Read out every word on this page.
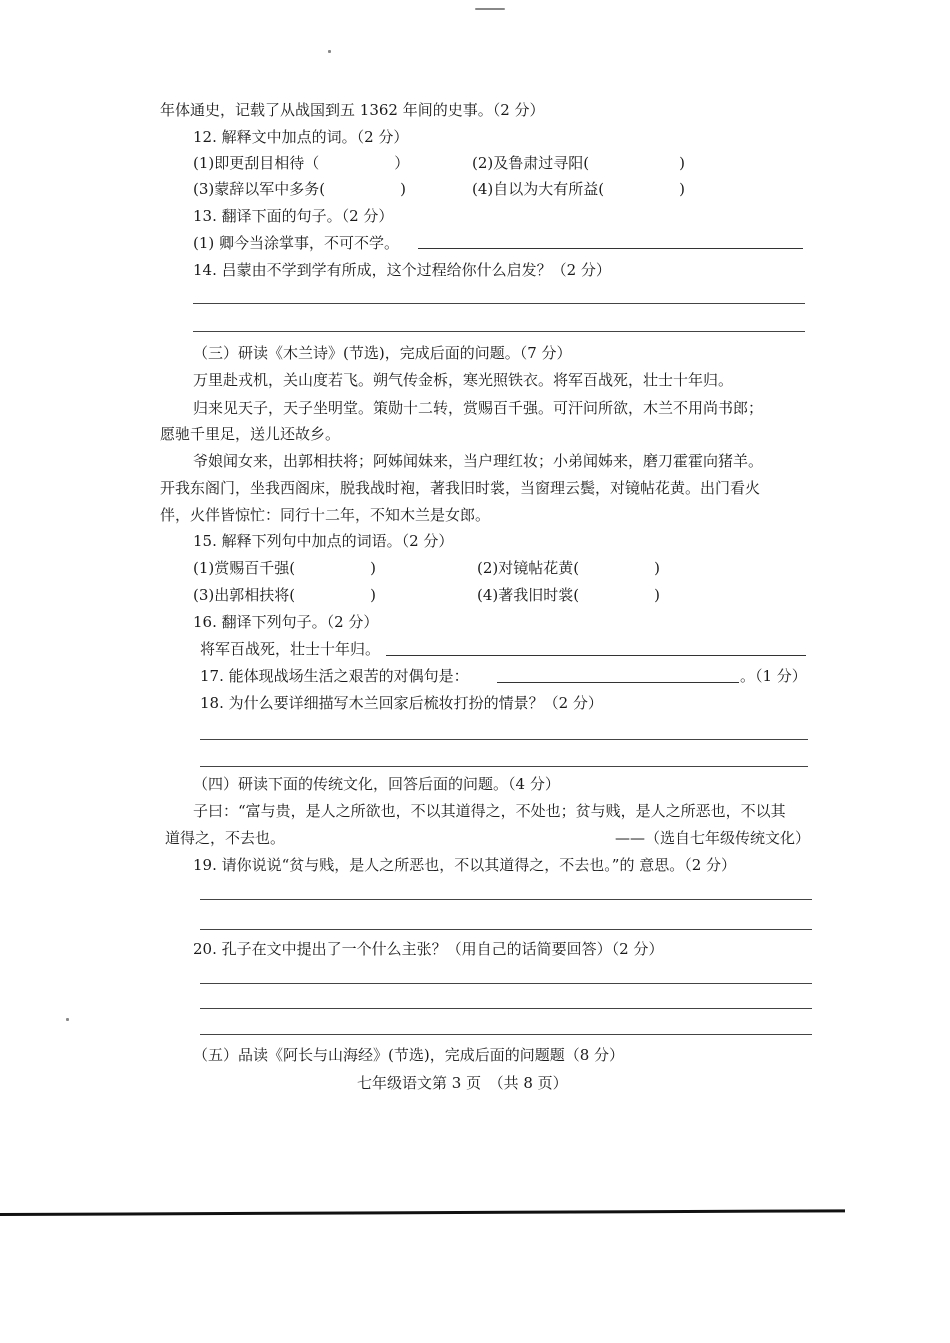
年体通史，记载了从战国到五 1362 年间的史事。（2 分）
12. 解释文中加点的词。（2 分）
(1)即更刮目相待（　　　　　）	(2)及鲁肃过寻阳(　　　　　　)
(3)蒙辞以军中多务(　　　　　)	(4)自以为大有所益(　　　　　)
13. 翻译下面的句子。（2 分）
(1) 卿今当涂掌事，不可不学。
14. 吕蒙由不学到学有所成，这个过程给你什么启发？（2 分）
（三）研读《木兰诗》(节选)，完成后面的问题。（7 分）
万里赴戎机，关山度若飞。朔气传金柝，寒光照铁衣。将军百战死，壮士十年归。
归来见天子，天子坐明堂。策勋十二转，赏赐百千强。可汗问所欲，木兰不用尚书郎；
愿驰千里足，送儿还故乡。
爷娘闻女来，出郭相扶将；阿姊闻妹来，当户理红妆；小弟闻姊来，磨刀霍霍向猪羊。
开我东阁门，坐我西阁床，脱我战时袍，著我旧时裳，当窗理云鬓，对镜帖花黄。出门看火
伴，火伴皆惊忙：同行十二年，不知木兰是女郎。
15. 解释下列句中加点的词语。（2 分）
(1)赏赐百千强(　　　　　)	(2)对镜帖花黄(　　　　　)
(3)出郭相扶将(　　　　　)	(4)著我旧时裳(　　　　　)
16. 翻译下列句子。（2 分）
将军百战死，壮士十年归。
17. 能体现战场生活之艰苦的对偶句是：	。（1 分）
18. 为什么要详细描写木兰回家后梳妆打扮的情景？（2 分）
（四）研读下面的传统文化，回答后面的问题。（4 分）
子曰：“富与贵，是人之所欲也，不以其道得之，不处也；贫与贱，是人之所恶也，不以其
道得之，不去也。	——（选自七年级传统文化）
19. 请你说说“贫与贱，是人之所恶也，不以其道得之，不去也。”的 意思。（2 分）
20. 孔子在文中提出了一个什么主张？（用自己的话简要回答）（2 分）
（五）品读《阿长与山海经》(节选)，完成后面的问题题（8 分）
七年级语文第 3 页　（共 8 页）
